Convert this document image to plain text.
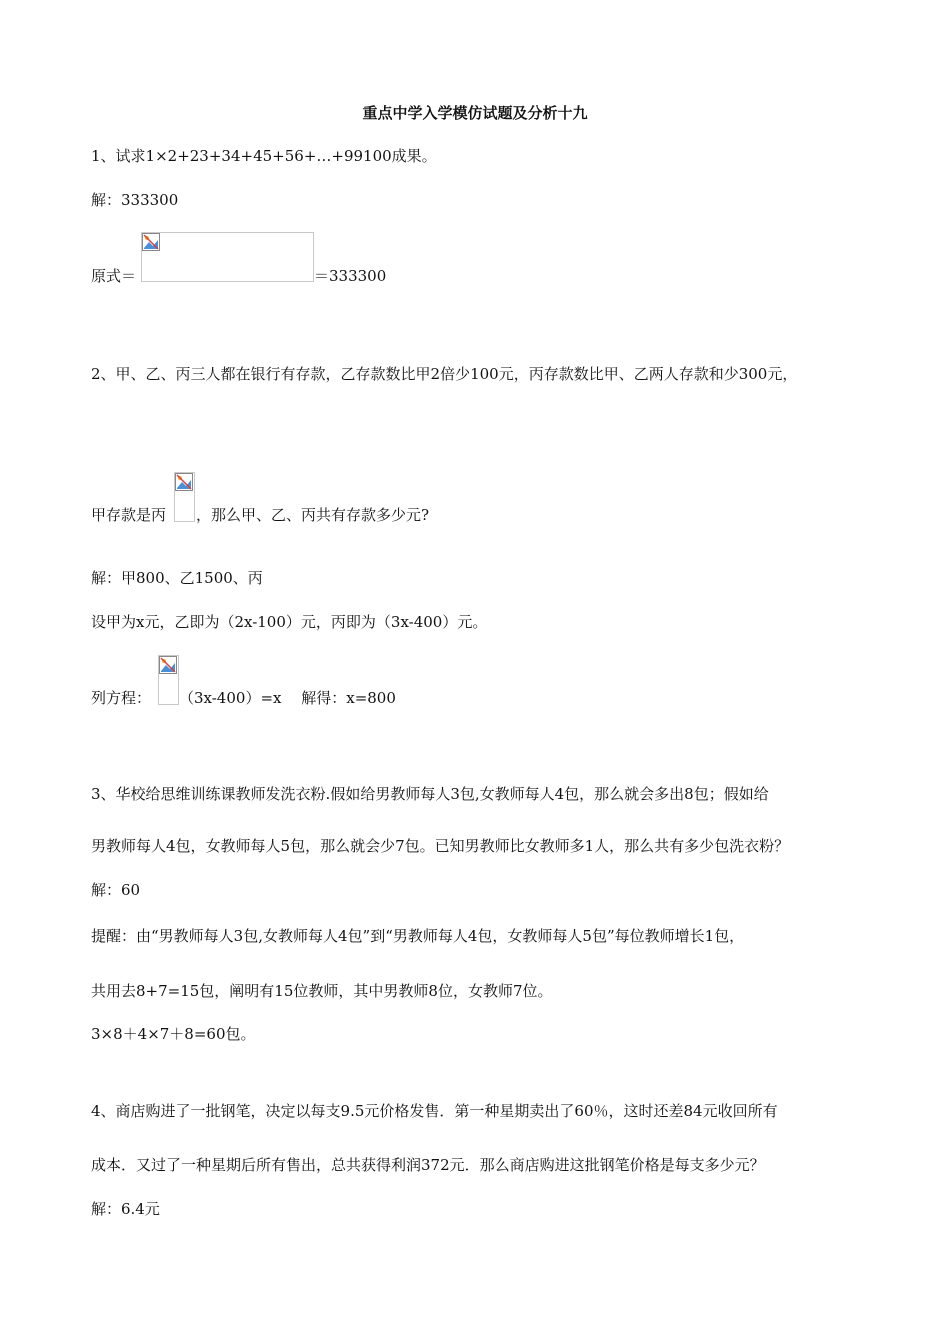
重点中学入学模仿试题及分析十九
1、试求1×2+23+34+45+56+…+99100成果。
解：333300
原式＝	＝333300
2、甲、乙、丙三人都在银行有存款，乙存款数比甲2倍少100元，丙存款数比甲、乙两人存款和少300元，
甲存款是丙 ，那么甲、乙、丙共有存款多少元?
解：甲800、乙1500、丙
设甲为x元，乙即为（2x-100）元，丙即为（3x-400）元。
列方程： （3x-400）=x　 解得：x=800
3、华校给思维训练课教师发洗衣粉.假如给男教师每人3包,女教师每人4包，那么就会多出8包；假如给
男教师每人4包，女教师每人5包，那么就会少7包。已知男教师比女教师多1人，那么共有多少包洗衣粉？
解：60
提醒：由“男教师每人3包,女教师每人4包”到“男教师每人4包，女教师每人5包”每位教师增长1包，
共用去8+7=15包，阐明有15位教师，其中男教师8位，女教师7位。
3×8＋4×7＋8=60包。
4、商店购进了一批钢笔，决定以每支9.5元价格发售．第一种星期卖出了60％，这时还差84元收回所有
成本．又过了一种星期后所有售出，总共获得利润372元．那么商店购进这批钢笔价格是每支多少元？
解：6.4元
